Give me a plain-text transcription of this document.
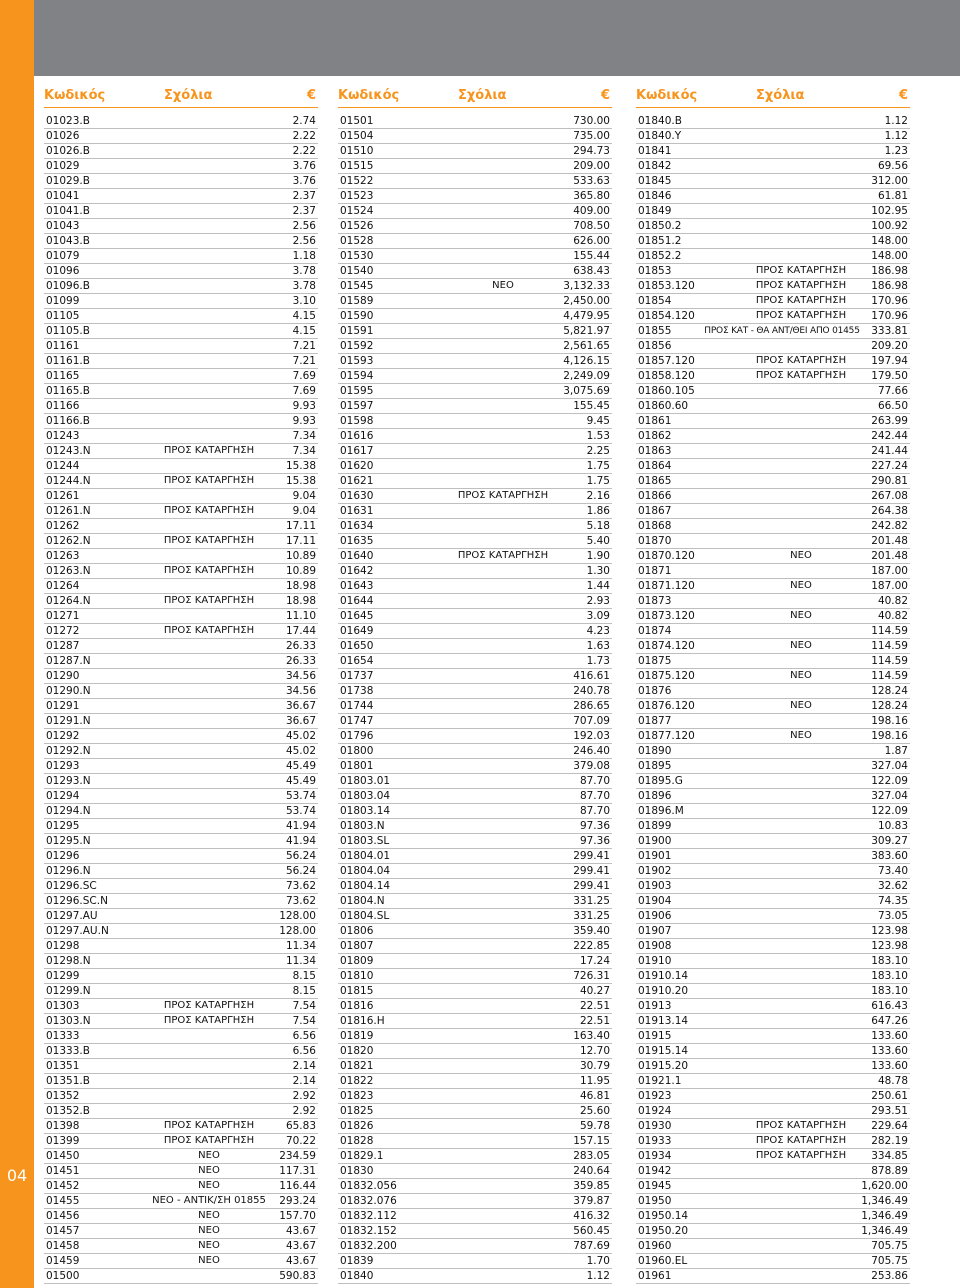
04
Κωδικός	Σχόλια	€
01023.B	2.74
01026	2.22
01026.B	2.22
01029	3.76
01029.B	3.76
01041	2.37
01041.B	2.37
01043	2.56
01043.B	2.56
01079	1.18
01096	3.78
01096.B	3.78
01099	3.10
01105	4.15
01105.B	4.15
01161	7.21
01161.B	7.21
01165	7.69
01165.B	7.69
01166	9.93
01166.B	9.93
01243	7.34
01243.N	ΠΡΟΣ ΚΑΤΑΡΓΗΣΗ	7.34
01244	15.38
01244.N	ΠΡΟΣ ΚΑΤΑΡΓΗΣΗ	15.38
01261	9.04
01261.N	ΠΡΟΣ ΚΑΤΑΡΓΗΣΗ	9.04
01262	17.11
01262.N	ΠΡΟΣ ΚΑΤΑΡΓΗΣΗ	17.11
01263	10.89
01263.N	ΠΡΟΣ ΚΑΤΑΡΓΗΣΗ	10.89
01264	18.98
01264.N	ΠΡΟΣ ΚΑΤΑΡΓΗΣΗ	18.98
01271	11.10
01272	ΠΡΟΣ ΚΑΤΑΡΓΗΣΗ	17.44
01287	26.33
01287.N	26.33
01290	34.56
01290.N	34.56
01291	36.67
01291.N	36.67
01292	45.02
01292.N	45.02
01293	45.49
01293.N	45.49
01294	53.74
01294.N	53.74
01295	41.94
01295.N	41.94
01296	56.24
01296.N	56.24
01296.SC	73.62
01296.SC.N	73.62
01297.AU	128.00
01297.AU.N	128.00
01298	11.34
01298.N	11.34
01299	8.15
01299.N	8.15
01303	ΠΡΟΣ ΚΑΤΑΡΓΗΣΗ	7.54
01303.N	ΠΡΟΣ ΚΑΤΑΡΓΗΣΗ	7.54
01333	6.56
01333.B	6.56
01351	2.14
01351.B	2.14
01352	2.92
01352.B	2.92
01398	ΠΡΟΣ ΚΑΤΑΡΓΗΣΗ	65.83
01399	ΠΡΟΣ ΚΑΤΑΡΓΗΣΗ	70.22
01450	ΝΕΟ	234.59
01451	ΝΕΟ	117.31
01452	ΝΕΟ	116.44
01455	ΝΕΟ - ΑΝΤΙΚ/ΣΗ 01855	293.24
01456	ΝΕΟ	157.70
01457	ΝΕΟ	43.67
01458	ΝΕΟ	43.67
01459	ΝΕΟ	43.67
01500	590.83
Κωδικός	Σχόλια	€
01501	730.00
01504	735.00
01510	294.73
01515	209.00
01522	533.63
01523	365.80
01524	409.00
01526	708.50
01528	626.00
01530	155.44
01540	638.43
01545	ΝΕΟ	3,132.33
01589	2,450.00
01590	4,479.95
01591	5,821.97
01592	2,561.65
01593	4,126.15
01594	2,249.09
01595	3,075.69
01597	155.45
01598	9.45
01616	1.53
01617	2.25
01620	1.75
01621	1.75
01630	ΠΡΟΣ ΚΑΤΑΡΓΗΣΗ	2.16
01631	1.86
01634	5.18
01635	5.40
01640	ΠΡΟΣ ΚΑΤΑΡΓΗΣΗ	1.90
01642	1.30
01643	1.44
01644	2.93
01645	3.09
01649	4.23
01650	1.63
01654	1.73
01737	416.61
01738	240.78
01744	286.65
01747	707.09
01796	192.03
01800	246.40
01801	379.08
01803.01	87.70
01803.04	87.70
01803.14	87.70
01803.N	97.36
01803.SL	97.36
01804.01	299.41
01804.04	299.41
01804.14	299.41
01804.N	331.25
01804.SL	331.25
01806	359.40
01807	222.85
01809	17.24
01810	726.31
01815	40.27
01816	22.51
01816.H	22.51
01819	163.40
01820	12.70
01821	30.79
01822	11.95
01823	46.81
01825	25.60
01826	59.78
01828	157.15
01829.1	283.05
01830	240.64
01832.056	359.85
01832.076	379.87
01832.112	416.32
01832.152	560.45
01832.200	787.69
01839	1.70
01840	1.12
Κωδικός	Σχόλια	€
01840.B	1.12
01840.Y	1.12
01841	1.23
01842	69.56
01845	312.00
01846	61.81
01849	102.95
01850.2	100.92
01851.2	148.00
01852.2	148.00
01853	ΠΡΟΣ ΚΑΤΑΡΓΗΣΗ	186.98
01853.120	ΠΡΟΣ ΚΑΤΑΡΓΗΣΗ	186.98
01854	ΠΡΟΣ ΚΑΤΑΡΓΗΣΗ	170.96
01854.120	ΠΡΟΣ ΚΑΤΑΡΓΗΣΗ	170.96
01855	ΠΡΟΣ ΚΑΤ - ΘΑ ΑΝΤ/ΘΕΙ ΑΠΟ 01455	333.81
01856	209.20
01857.120	ΠΡΟΣ ΚΑΤΑΡΓΗΣΗ	197.94
01858.120	ΠΡΟΣ ΚΑΤΑΡΓΗΣΗ	179.50
01860.105	77.66
01860.60	66.50
01861	263.99
01862	242.44
01863	241.44
01864	227.24
01865	290.81
01866	267.08
01867	264.38
01868	242.82
01870	201.48
01870.120	ΝΕΟ	201.48
01871	187.00
01871.120	ΝΕΟ	187.00
01873	40.82
01873.120	ΝΕΟ	40.82
01874	114.59
01874.120	ΝΕΟ	114.59
01875	114.59
01875.120	ΝΕΟ	114.59
01876	128.24
01876.120	ΝΕΟ	128.24
01877	198.16
01877.120	ΝΕΟ	198.16
01890	1.87
01895	327.04
01895.G	122.09
01896	327.04
01896.M	122.09
01899	10.83
01900	309.27
01901	383.60
01902	73.40
01903	32.62
01904	74.35
01906	73.05
01907	123.98
01908	123.98
01910	183.10
01910.14	183.10
01910.20	183.10
01913	616.43
01913.14	647.26
01915	133.60
01915.14	133.60
01915.20	133.60
01921.1	48.78
01923	250.61
01924	293.51
01930	ΠΡΟΣ ΚΑΤΑΡΓΗΣΗ	229.64
01933	ΠΡΟΣ ΚΑΤΑΡΓΗΣΗ	282.19
01934	ΠΡΟΣ ΚΑΤΑΡΓΗΣΗ	334.85
01942	878.89
01945	1,620.00
01950	1,346.49
01950.14	1,346.49
01950.20	1,346.49
01960	705.75
01960.EL	705.75
01961	253.86
